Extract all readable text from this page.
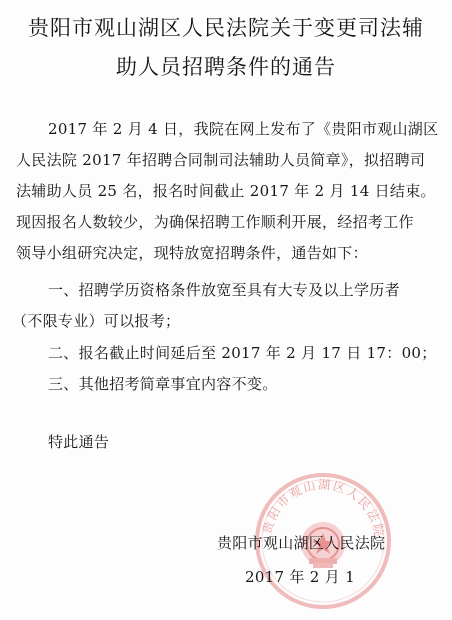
贵阳市观山湖区人民法院关于变更司法辅
助人员招聘条件的通告
2017 年 2 月 4 日，我院在网上发布了《贵阳市观山湖区
人民法院 2017 年招聘合同制司法辅助人员简章》，拟招聘司
法辅助人员 25 名，报名时间截止 2017 年 2 月 14 日结束。
现因报名人数较少，为确保招聘工作顺利开展，经招考工作
领导小组研究决定，现特放宽招聘条件，通告如下：
一、招聘学历资格条件放宽至具有大专及以上学历者
（不限专业）可以报考；
二、报名截止时间延后至 2017 年 2 月 17 日 17：00；
三、其他招考简章事宜内容不变。
特此通告
贵阳市观山湖区人民法院
贵阳市观山湖区人民法院
2017 年 2 月 1
